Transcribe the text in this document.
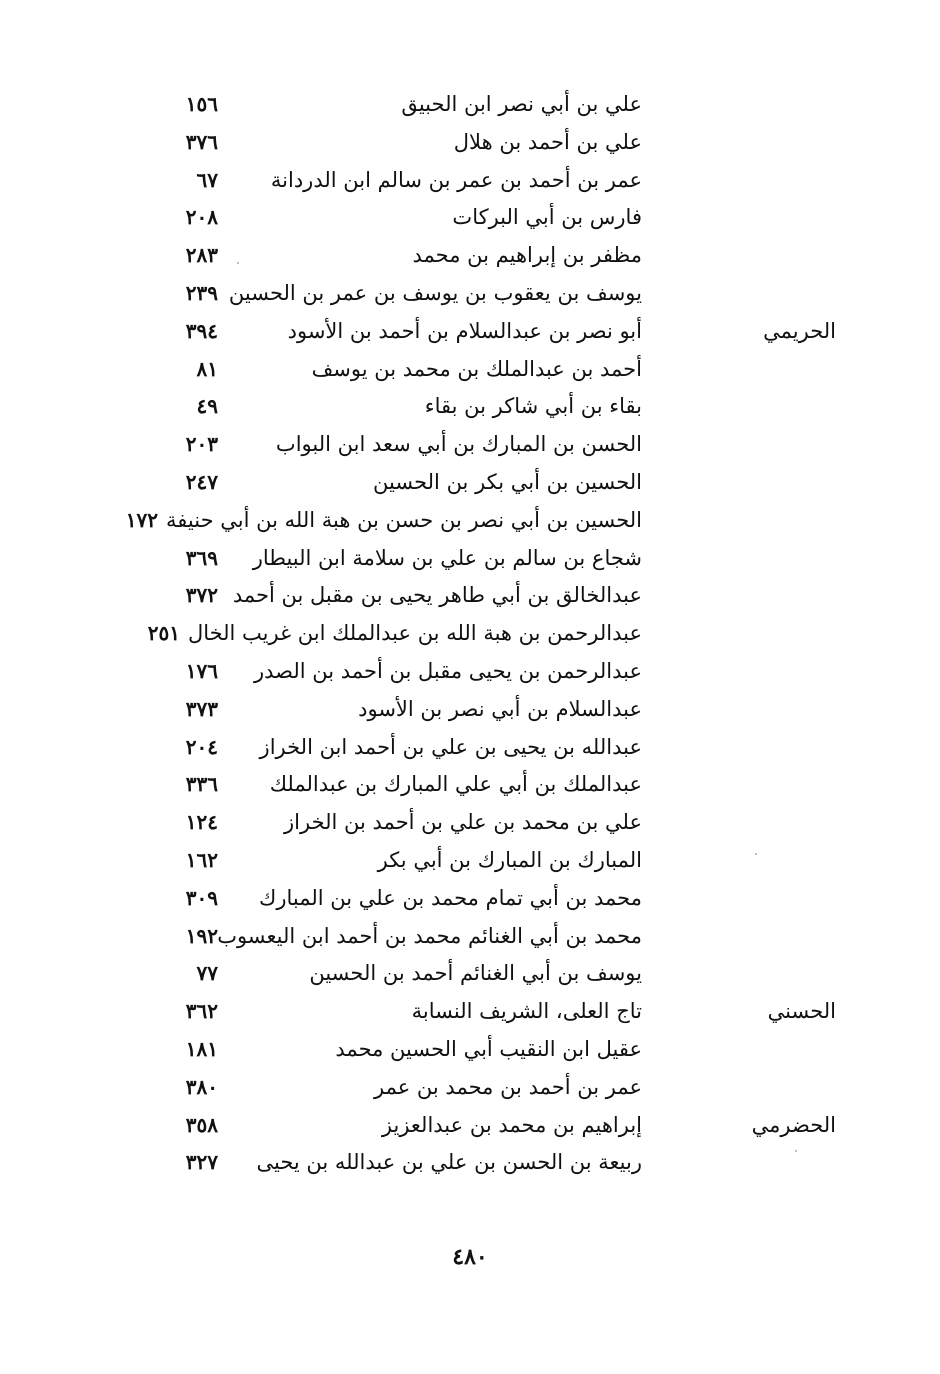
علي بن أبي نصر ابن الحبيق
١٥٦
علي بن أحمد بن هلال
٣٧٦
عمر بن أحمد بن عمر بن سالم ابن الدردانة
٦٧
فارس بن أبي البركات
٢٠٨
مظفر بن إبراهيم بن محمد
٢٨٣
يوسف بن يعقوب بن يوسف بن عمر بن الحسين
٢٣٩
الحريمي
أبو نصر بن عبدالسلام بن أحمد بن الأسود
٣٩٤
أحمد بن عبدالملك بن محمد بن يوسف
٨١
بقاء بن أبي شاكر بن بقاء
٤٩
الحسن بن المبارك بن أبي سعد ابن البواب
٢٠٣
الحسين بن أبي بكر بن الحسين
٢٤٧
الحسين بن أبي نصر بن حسن بن هبة الله بن أبي حنيفة١٧٢
شجاع بن سالم بن علي بن سلامة ابن البيطار
٣٦٩
عبدالخالق بن أبي طاهر يحيى بن مقبل بن أحمد
٣٧٢
عبدالرحمن بن هبة الله بن عبدالملك ابن غريب الخال٢٥١
عبدالرحمن بن يحيى مقبل بن أحمد بن الصدر
١٧٦
عبدالسلام بن أبي نصر بن الأسود
٣٧٣
عبدالله بن يحيى بن علي بن أحمد ابن الخراز
٢٠٤
عبدالملك بن أبي علي المبارك بن عبدالملك
٣٣٦
علي بن محمد بن علي بن أحمد بن الخراز
١٢٤
المبارك بن المبارك بن أبي بكر
١٦٢
محمد بن أبي تمام محمد بن علي بن المبارك
٣٠٩
محمد بن أبي الغنائم محمد بن أحمد ابن اليعسوب
١٩٢
يوسف بن أبي الغنائم أحمد بن الحسين
٧٧
الحسني
تاج العلى، الشريف النسابة
٣٦٢
عقيل ابن النقيب أبي الحسين محمد
١٨١
عمر بن أحمد بن محمد بن عمر
٣٨٠
الحضرمي
إبراهيم بن محمد بن عبدالعزيز
٣٥٨
ربيعة بن الحسن بن علي بن عبدالله بن يحيى
٣٢٧
٤٨٠
